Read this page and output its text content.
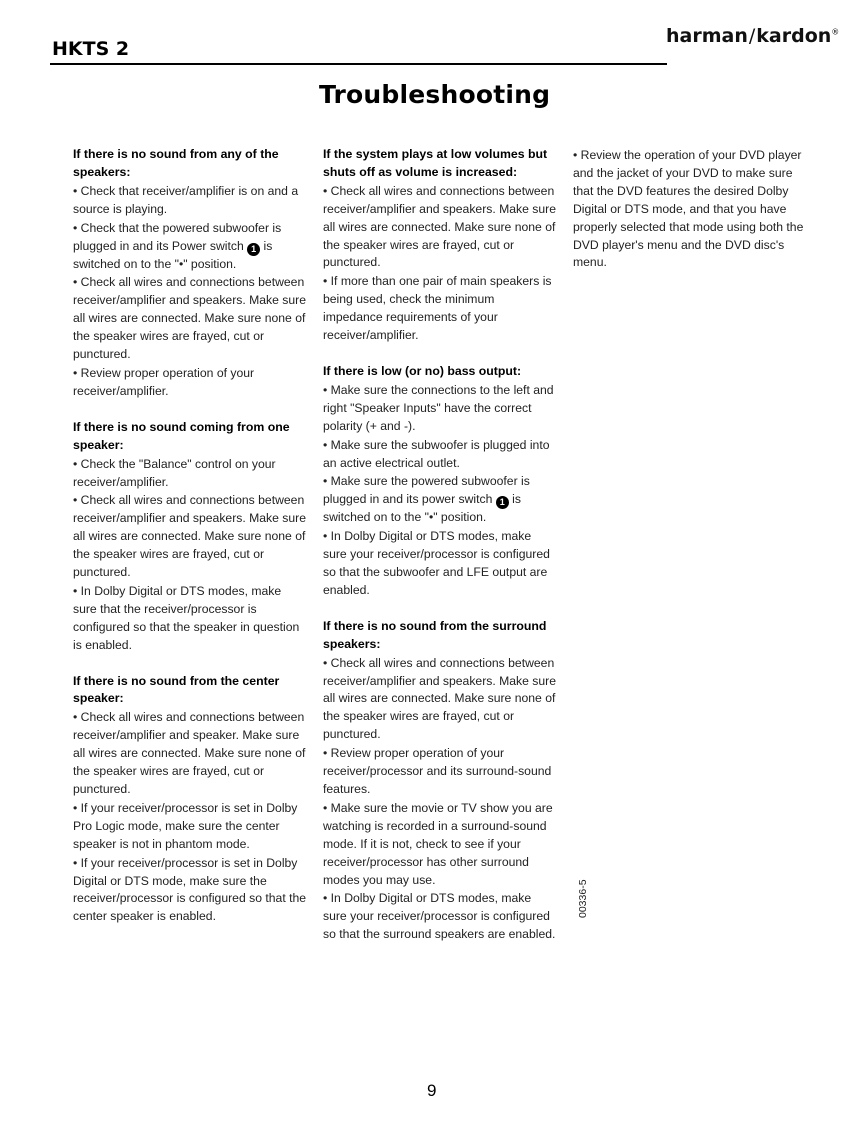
HKTS 2
harman/kardon®
Troubleshooting
If there is no sound from any of the speakers:
• Check that receiver/amplifier is on and a source is playing.
• Check that the powered subwoofer is plugged in and its Power switch 1 is switched on to the "•" position.
• Check all wires and connections between receiver/amplifier and speakers. Make sure all wires are connected. Make sure none of the speaker wires are frayed, cut or punctured.
• Review proper operation of your receiver/amplifier.
If there is no sound coming from one speaker:
• Check the "Balance" control on your receiver/amplifier.
• Check all wires and connections between receiver/amplifier and speakers. Make sure all wires are connected. Make sure none of the speaker wires are frayed, cut or punctured.
• In Dolby Digital or DTS modes, make sure that the receiver/processor is configured so that the speaker in question is enabled.
If there is no sound from the center speaker:
• Check all wires and connections between receiver/amplifier and speaker. Make sure all wires are connected. Make sure none of the speaker wires are frayed, cut or punctured.
• If your receiver/processor is set in Dolby Pro Logic mode, make sure the center speaker is not in phantom mode.
• If your receiver/processor is set in Dolby Digital or DTS mode, make sure the receiver/processor is configured so that the center speaker is enabled.
If the system plays at low volumes but shuts off as volume is increased:
• Check all wires and connections between receiver/amplifier and speakers. Make sure all wires are connected. Make sure none of the speaker wires are frayed, cut or punctured.
• If more than one pair of main speakers is being used, check the minimum impedance requirements of your receiver/amplifier.
If there is low (or no) bass output:
• Make sure the connections to the left and right "Speaker Inputs" have the correct polarity (+ and -).
• Make sure the subwoofer is plugged into an active electrical outlet.
• Make sure the powered subwoofer is plugged in and its power switch 1 is switched on to the "•" position.
• In Dolby Digital or DTS modes, make sure your receiver/processor is configured so that the subwoofer and LFE output are enabled.
If there is no sound from the surround speakers:
• Check all wires and connections between receiver/amplifier and speakers. Make sure all wires are connected. Make sure none of the speaker wires are frayed, cut or punctured.
• Review proper operation of your receiver/processor and its surround-sound features.
• Make sure the movie or TV show you are watching is recorded in a surround-sound mode. If it is not, check to see if your receiver/processor has other surround modes you may use.
• In Dolby Digital or DTS modes, make sure your receiver/processor is configured so that the surround speakers are enabled.
• Review the operation of your DVD player and the jacket of your DVD to make sure that the DVD features the desired Dolby Digital or DTS mode, and that you have properly selected that mode using both the DVD player's menu and the DVD disc's menu.
00336-5
9
